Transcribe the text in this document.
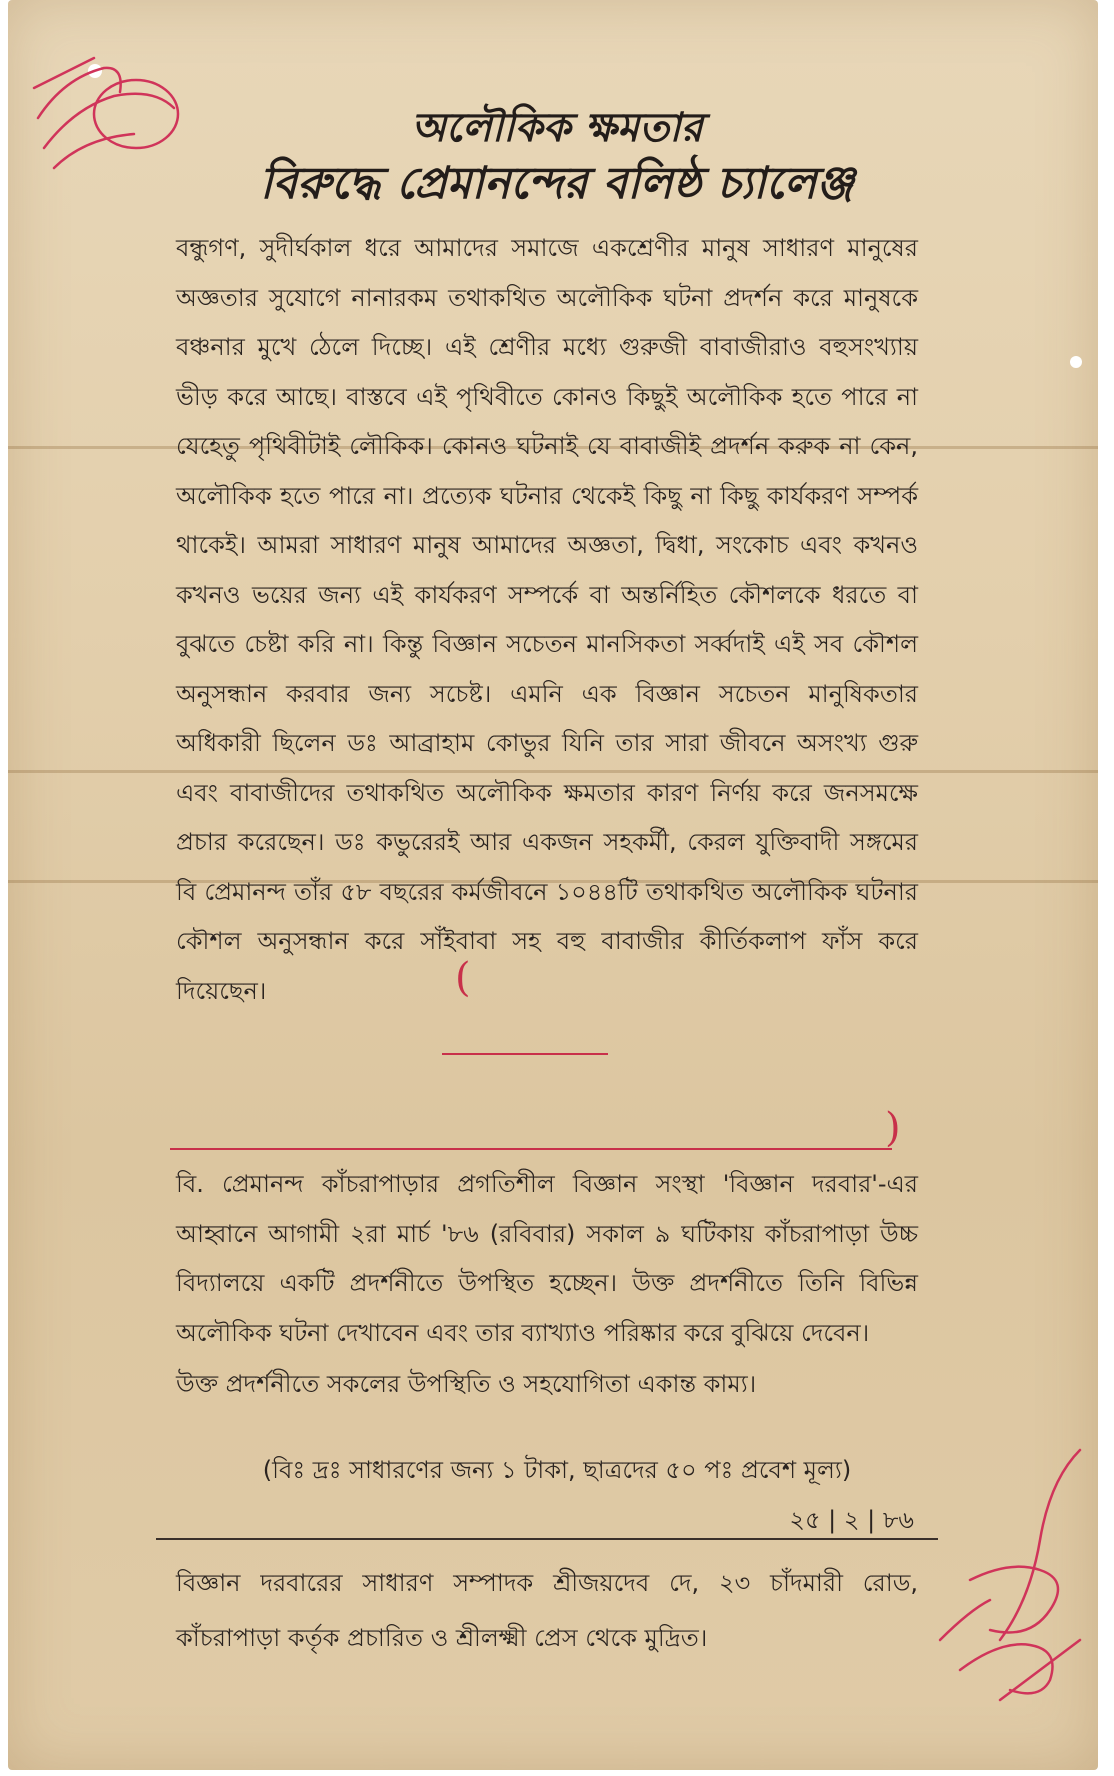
অলৌকিক ক্ষমতার
বিরুদ্ধে প্রেমানন্দের বলিষ্ঠ চ্যালেঞ্জ

বন্ধুগণ, সুদীর্ঘকাল ধরে আমাদের সমাজে একশ্রেণীর মানুষ সাধারণ মানুষের অজ্ঞতার সুযোগে নানারকম তথাকথিত অলৌকিক ঘটনা প্রদর্শন করে মানুষকে বঞ্চনার মুখে ঠেলে দিচ্ছে। এই শ্রেণীর মধ্যে গুরুজী বাবাজীরাও বহুসংখ্যায় ভীড় করে আছে। বাস্তবে এই পৃথিবীতে কোনও কিছুই অলৌকিক হতে পারে না যেহেতু পৃথিবীটাই লৌকিক। কোনও ঘটনাই যে বাবাজীই প্রদর্শন করুক না কেন, অলৌকিক হতে পারে না। প্রত্যেক ঘটনার থেকেই কিছু না কিছু কার্যকরণ সম্পর্ক থাকেই। আমরা সাধারণ মানুষ আমাদের অজ্ঞতা, দ্বিধা, সংকোচ এবং কখনও কখনও ভয়ের জন্য এই কার্যকরণ সম্পর্কে বা অন্তর্নিহিত কৌশলকে ধরতে বা বুঝতে চেষ্টা করি না। কিন্তু বিজ্ঞান সচেতন মানসিকতা সর্ব্বদাই এই সব কৌশল অনুসন্ধান করবার জন্য সচেষ্ট। এমনি এক বিজ্ঞান সচেতন মানুষিকতার অধিকারী ছিলেন ডঃ আব্রাহাম কোভুর যিনি তার সারা জীবনে অসংখ্য গুরু এবং বাবাজীদের তথাকথিত অলৌকিক ক্ষমতার কারণ নির্ণয় করে জনসমক্ষে প্রচার করেছেন। ডঃ কভুরেরই আর একজন সহকর্মী, কেরল যুক্তিবাদী সঙ্গমের বি প্রেমানন্দ তাঁর ৫৮ বছরের কর্মজীবনে ১০৪৪টি তথাকথিত অলৌকিক ঘটনার কৌশল অনুসন্ধান করে সাঁইবাবা সহ বহু বাবাজীর কীর্তিকলাপ ফাঁস করে দিয়েছেন।	(
)

বি. প্রেমানন্দ কাঁচরাপাড়ার প্রগতিশীল বিজ্ঞান সংস্থা 'বিজ্ঞান দরবার'-এর আহ্বানে আগামী ২রা মার্চ '৮৬ (রবিবার) সকাল ৯ ঘটিকায় কাঁচরাপাড়া উচ্চ বিদ্যালয়ে একটি প্রদর্শনীতে উপস্থিত হচ্ছেন। উক্ত প্রদর্শনীতে তিনি বিভিন্ন অলৌকিক ঘটনা দেখাবেন এবং তার ব্যাখ্যাও পরিষ্কার করে বুঝিয়ে দেবেন।

উক্ত প্রদর্শনীতে সকলের উপস্থিতি ও সহযোগিতা একান্ত কাম্য।

(বিঃ দ্রঃ সাধারণের জন্য ১ টাকা, ছাত্রদের ৫০ পঃ প্রবেশ মূল্য)

২৫ | ২ | ৮৬

বিজ্ঞান দরবারের সাধারণ সম্পাদক শ্রীজয়দেব দে, ২৩ চাঁদমারী রোড, কাঁচরাপাড়া কর্তৃক প্রচারিত ও শ্রীলক্ষ্মী প্রেস থেকে মুদ্রিত।
